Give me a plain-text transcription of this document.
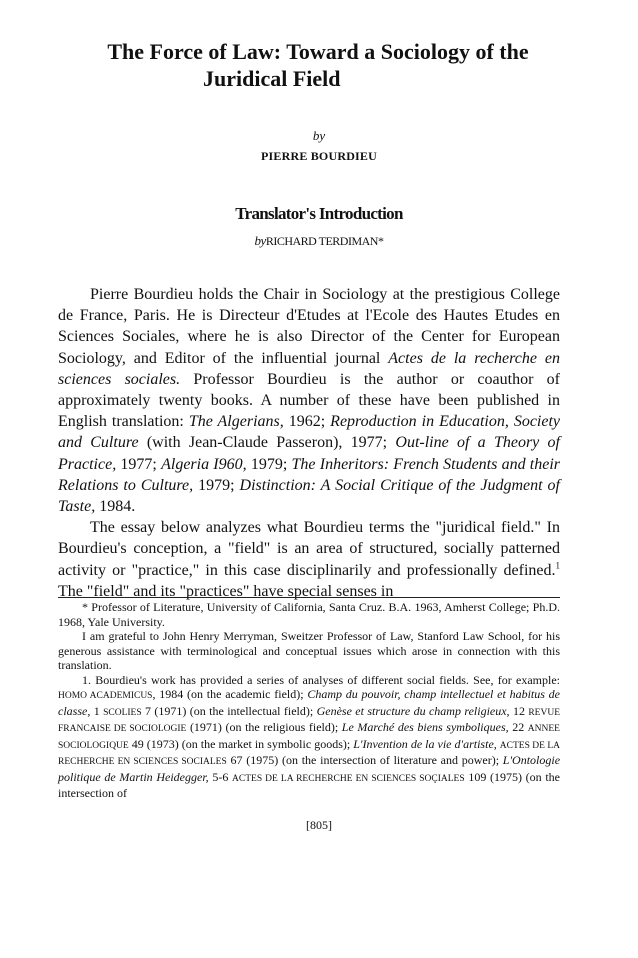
The Force of Law: Toward a Sociology of the
Juridical Field
by
PIERRE BOURDIEU
Translator's Introduction
byRICHARD TERDIMAN*

Pierre Bourdieu holds the Chair in Sociology at the prestigious College de France, Paris. He is Directeur d'Etudes at l'Ecole des Hautes Etudes en Sciences Sociales, where he is also Director of the Center for European Sociology, and Editor of the influential journal Actes de la recherche en sciences sociales. Professor Bourdieu is the author or coauthor of approximately twenty books. A number of these have been published in English translation: The Algerians, 1962; Reproduction in Education, Society and Culture (with Jean-Claude Passeron), 1977; Out-line of a Theory of Practice, 1977; Algeria I960, 1979; The Inheritors: French Students and their Relations to Culture, 1979; Distinction: A Social Critique of the Judgment of Taste, 1984.

The essay below analyzes what Bourdieu terms the "juridical field." In Bourdieu's conception, a "field" is an area of structured, socially patterned activity or "practice," in this case disciplinarily and professionally defined.$^1$ The "field" and its "practices" have special senses in

* Professor of Literature, University of California, Santa Cruz. B.A. 1963, Amherst College; Ph.D. 1968, Yale University.

I am grateful to John Henry Merryman, Sweitzer Professor of Law, Stanford Law School, for his generous assistance with terminological and conceptual issues which arose in connection with this translation.

1. Bourdieu's work has provided a series of analyses of different social fields. See, for example: HOMO ACADEMICUS, 1984 (on the academic field); Champ du pouvoir, champ intellectuel et habitus de classe, 1 SCOLIES 7 (1971) (on the intellectual field); Genèse et structure du champ religieux, 12 REVUE FRANCAISE DE SOCIOLOGIE (1971) (on the religious field); Le Marché des biens symboliques, 22 ANNEE SOCIOLOGIQUE 49 (1973) (on the market in symbolic goods); L'Invention de la vie d'artiste, ACTES DE LA RECHERCHE EN SCIENCES SOCIALES 67 (1975) (on the intersection of literature and power); L'Ontologie politique de Martin Heidegger, 5-6 ACTES DE LA RECHERCHE EN SCIENCES SOÇIALES 109 (1975) (on the intersection of

[805]
